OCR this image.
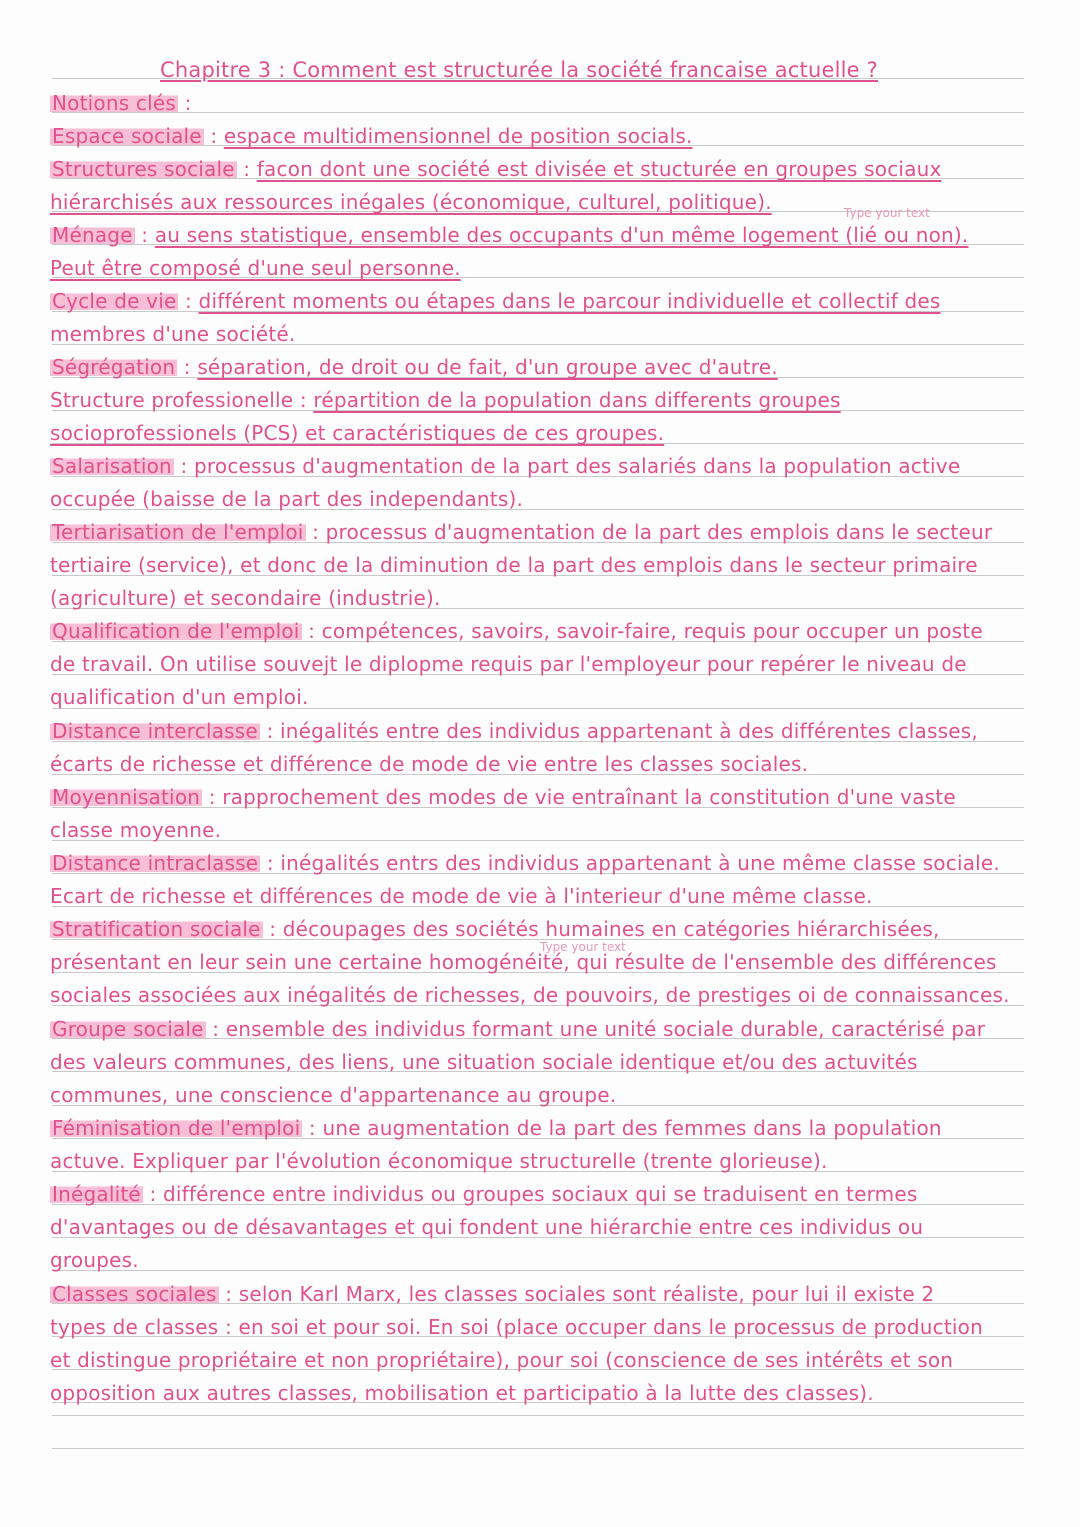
Chapitre 3 : Comment est structurée la société francaise actuelle ?
Notions clés :
Espace sociale : espace multidimensionnel de position socials.
Structures sociale : facon dont une société est divisée et stucturée en groupes sociaux
hiérarchisés aux ressources inégales (économique, culturel, politique).	Type your text
Ménage : au sens statistique, ensemble des occupants d'un même logement (lié ou non).
Peut être composé d'une seul personne.
Cycle de vie : différent moments ou étapes dans le parcour individuelle et collectif des
membres d'une société.
Ségrégation : séparation, de droit ou de fait, d'un groupe avec d'autre.
Structure professionelle : répartition de la population dans differents groupes
socioprofessionels (PCS) et caractéristiques de ces groupes.
Salarisation : processus d'augmentation de la part des salariés dans la population active
occupée (baisse de la part des independants).
Tertiarisation de l'emploi : processus d'augmentation de la part des emplois dans le secteur
tertiaire (service), et donc de la diminution de la part des emplois dans le secteur primaire
(agriculture) et secondaire (industrie).
Qualification de l'emploi : compétences, savoirs, savoir-faire, requis pour occuper un poste
de travail. On utilise souvejt le diplopme requis par l'employeur pour repérer le niveau de
qualification d'un emploi.
Distance interclasse : inégalités entre des individus appartenant à des différentes classes,
écarts de richesse et différence de mode de vie entre les classes sociales.
Moyennisation : rapprochement des modes de vie entraînant la constitution d'une vaste
classe moyenne.
Distance intraclasse : inégalités entrs des individus appartenant à une même classe sociale.
Ecart de richesse et différences de mode de vie à l'interieur d'une même classe.
Stratification sociale : découpages des sociétés humaines en catégories hiérarchisées,
Type your text
présentant en leur sein une certaine homogénéité, qui résulte de l'ensemble des différences
sociales associées aux inégalités de richesses, de pouvoirs, de prestiges oi de connaissances.
Groupe sociale : ensemble des individus formant une unité sociale durable, caractérisé par
des valeurs communes, des liens, une situation sociale identique et/ou des actuvités
communes, une conscience d'appartenance au groupe.
Féminisation de l'emploi : une augmentation de la part des femmes dans la population
actuve. Expliquer par l'évolution économique structurelle (trente glorieuse).
Inégalité : différence entre individus ou groupes sociaux qui se traduisent en termes
d'avantages ou de désavantages et qui fondent une hiérarchie entre ces individus ou
groupes.
Classes sociales : selon Karl Marx, les classes sociales sont réaliste, pour lui il existe 2
types de classes : en soi et pour soi. En soi (place occuper dans le processus de production
et distingue propriétaire et non propriétaire), pour soi (conscience de ses intérêts et son
opposition aux autres classes, mobilisation et participatio à la lutte des classes).
